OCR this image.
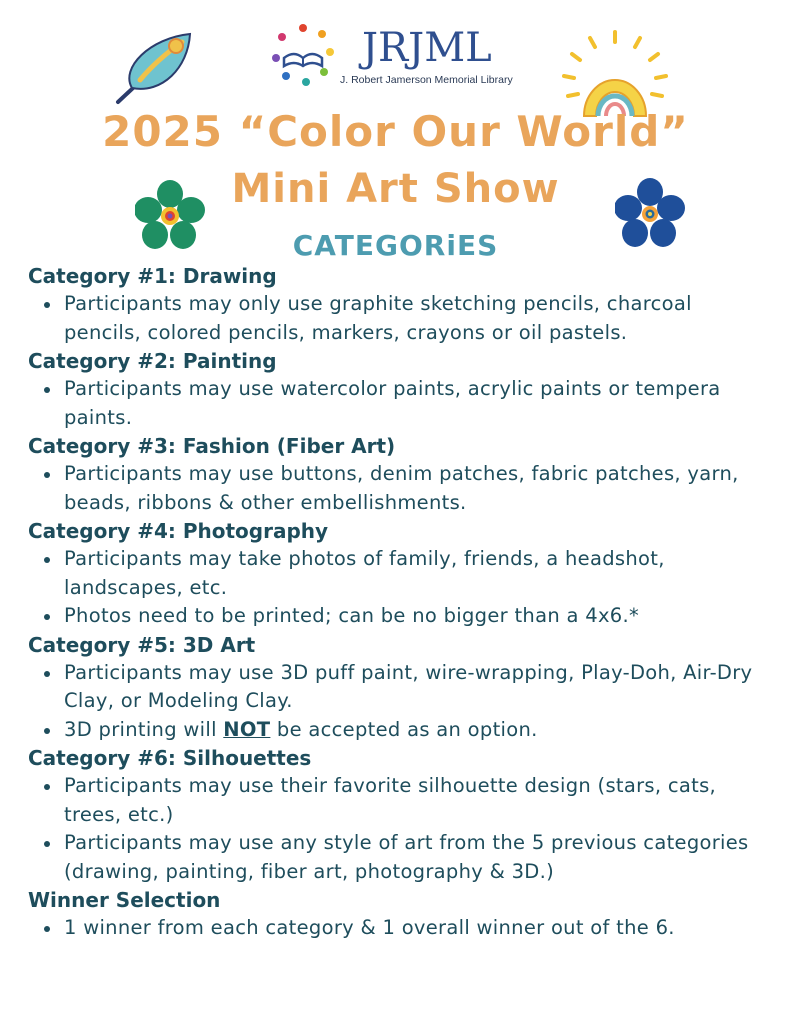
JRJML
J. Robert Jamerson Memorial Library
2025 “Color Our World”
Mini Art Show
CATEGORiES
Category #1: Drawing
Participants may only use graphite sketching pencils, charcoal pencils, colored pencils, markers, crayons or oil pastels.
Category #2: Painting
Participants may use watercolor paints, acrylic paints or tempera paints.
Category #3: Fashion (Fiber Art)
Participants may use buttons, denim patches, fabric patches, yarn, beads, ribbons & other embellishments.
Category #4: Photography
Participants may take photos of family, friends, a headshot, landscapes, etc.
Photos need to be printed; can be no bigger than a 4x6.*
Category #5: 3D Art
Participants may use 3D puff paint, wire-wrapping, Play-Doh, Air-Dry Clay, or Modeling Clay.
3D printing will NOT be accepted as an option.
Category #6: Silhouettes
Participants may use their favorite silhouette design (stars, cats, trees, etc.)
Participants may use any style of art from the 5 previous categories (drawing, painting, fiber art, photography & 3D.)
Winner Selection
1 winner from each category & 1 overall winner out of the 6.
